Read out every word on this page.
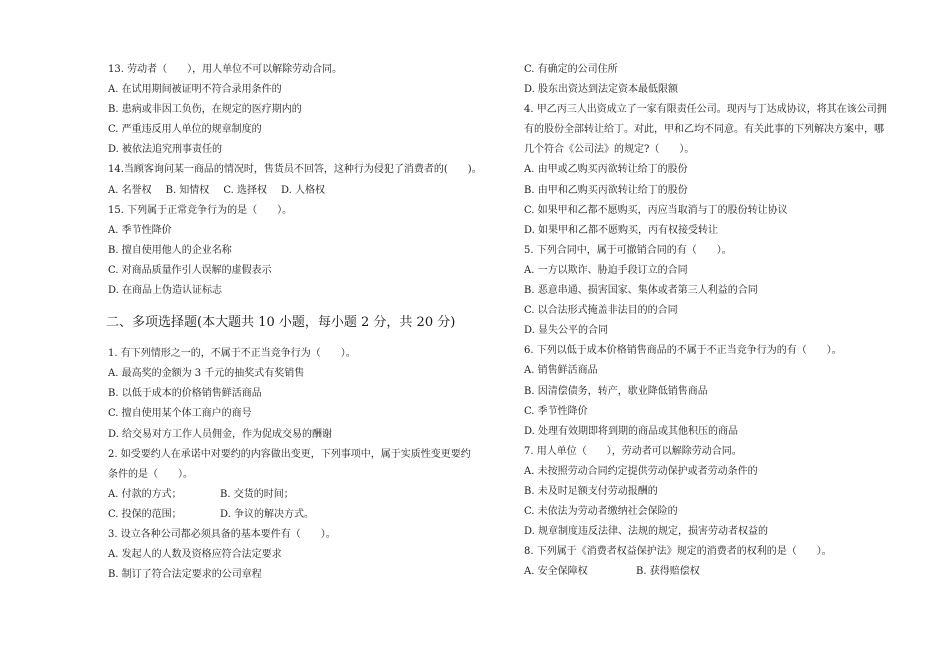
13. 劳动者（　　），用人单位不可以解除劳动合同。
A. 在试用期间被证明不符合录用条件的
B. 患病或非因工负伤，在规定的医疗期内的
C. 严重违反用人单位的规章制度的
D. 被依法追究刑事责任的
14.当顾客询问某一商品的情况时，售货员不回答，这种行为侵犯了消费者的(　　)。
A. 名誉权 B. 知情权 C. 选择权 D. 人格权
15. 下列属于正常竞争行为的是（　　）。
A. 季节性降价
B. 擅自使用他人的企业名称
C. 对商品质量作引人误解的虚假表示
D. 在商品上伪造认证标志
二、多项选择题(本大题共 10 小题，每小题 2 分，共 20 分)
1. 有下列情形之一的，不属于不正当竞争行为（　　）。
A. 最高奖的金额为 3 千元的抽奖式有奖销售
B. 以低于成本的价格销售鲜活商品
C. 擅自使用某个体工商户的商号
D. 给交易对方工作人员佣金，作为促成交易的酬谢
2. 如受要约人在承诺中对要约的内容做出变更，下列事项中，属于实质性变更要约
条件的是（　　）。
A. 付款的方式；	B. 交货的时间；
C. 投保的范围；	D. 争议的解决方式。
3. 设立各种公司都必须具备的基本要件有（　　）。
A. 发起人的人数及资格应符合法定要求
B. 制订了符合法定要求的公司章程
C. 有确定的公司住所
D. 股东出资达到法定资本最低限额
4. 甲乙丙三人出资成立了一家有限责任公司。现丙与丁达成协议，将其在该公司拥
有的股份全部转让给丁。对此，甲和乙均不同意。有关此事的下列解决方案中，哪
几个符合《公司法》的规定?（　　）。
A. 由甲或乙购买丙欲转让给丁的股份
B. 由甲和乙购买丙欲转让给丁的股份
C. 如果甲和乙都不愿购买，丙应当取消与丁的股份转让协议
D. 如果甲和乙都不愿购买，丙有权接受转让
5. 下列合同中，属于可撤销合同的有（　　）。
A. 一方以欺诈、胁迫手段订立的合同
B. 恶意串通、损害国家、集体或者第三人利益的合同
C. 以合法形式掩盖非法目的的合同
D. 显失公平的合同
6. 下列以低于成本价格销售商品的不属于不正当竞争行为的有（　　）。
A. 销售鲜活商品
B. 因清偿债务，转产，歇业降低销售商品
C. 季节性降价
D. 处理有效期即将到期的商品或其他积压的商品
7. 用人单位（　　），劳动者可以解除劳动合同。
A. 未按照劳动合同约定提供劳动保护或者劳动条件的
B. 未及时足额支付劳动报酬的
C. 未依法为劳动者缴纳社会保险的
D. 规章制度违反法律、法规的规定，损害劳动者权益的
8. 下列属于《消费者权益保护法》规定的消费者的权利的是（　　）。
A. 安全保障权	B. 获得赔偿权
